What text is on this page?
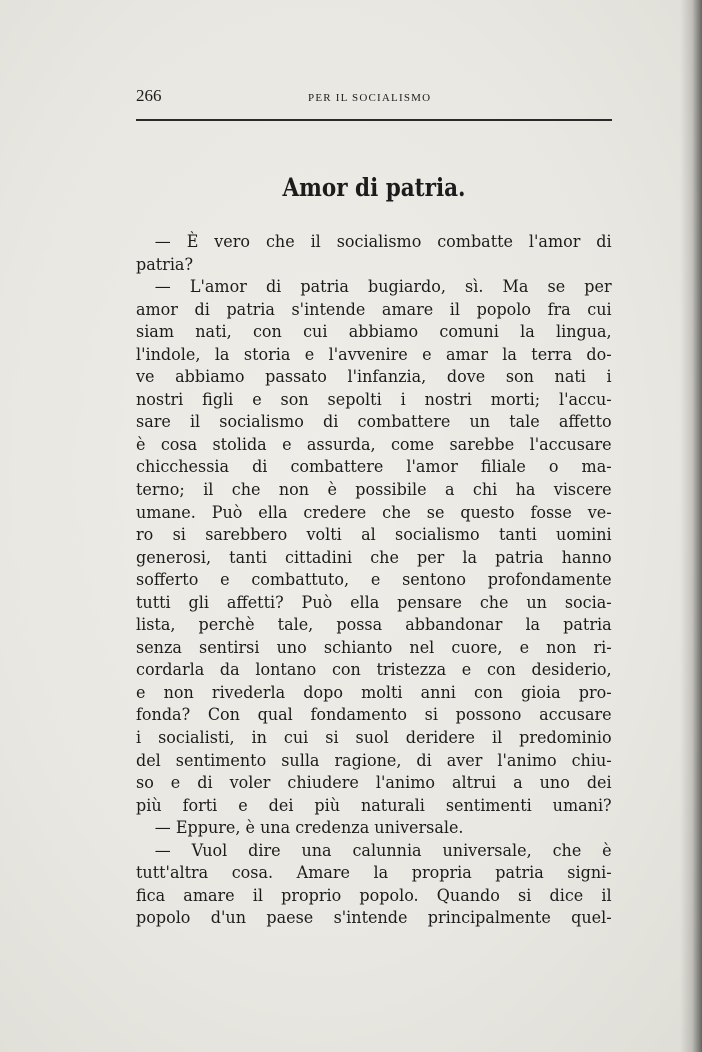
266	PER IL SOCIALISMO
Amor di patria.
— È vero che il socialismo combatte l'amor di
patria?
— L'amor di patria bugiardo, sì. Ma se per
amor di patria s'intende amare il popolo fra cui
siam nati, con cui abbiamo comuni la lingua,
l'indole, la storia e l'avvenire e amar la terra do-
ve abbiamo passato l'infanzia, dove son nati i
nostri figli e son sepolti i nostri morti; l'accu-
sare il socialismo di combattere un tale affetto
è cosa stolida e assurda, come sarebbe l'accusare
chicchessia di combattere l'amor filiale o ma-
terno; il che non è possibile a chi ha viscere
umane. Può ella credere che se questo fosse ve-
ro si sarebbero volti al socialismo tanti uomini
generosi, tanti cittadini che per la patria hanno
sofferto e combattuto, e sentono profondamente
tutti gli affetti? Può ella pensare che un socia-
lista, perchè tale, possa abbandonar la patria
senza sentirsi uno schianto nel cuore, e non ri-
cordarla da lontano con tristezza e con desiderio,
e non rivederla dopo molti anni con gioia pro-
fonda? Con qual fondamento si possono accusare
i socialisti, in cui si suol deridere il predominio
del sentimento sulla ragione, di aver l'animo chiu-
so e di voler chiudere l'animo altrui a uno dei
più forti e dei più naturali sentimenti umani?
— Eppure, è una credenza universale.
— Vuol dire una calunnia universale, che è
tutt'altra cosa. Amare la propria patria signi-
fica amare il proprio popolo. Quando si dice il
popolo d'un paese s'intende principalmente quel-
